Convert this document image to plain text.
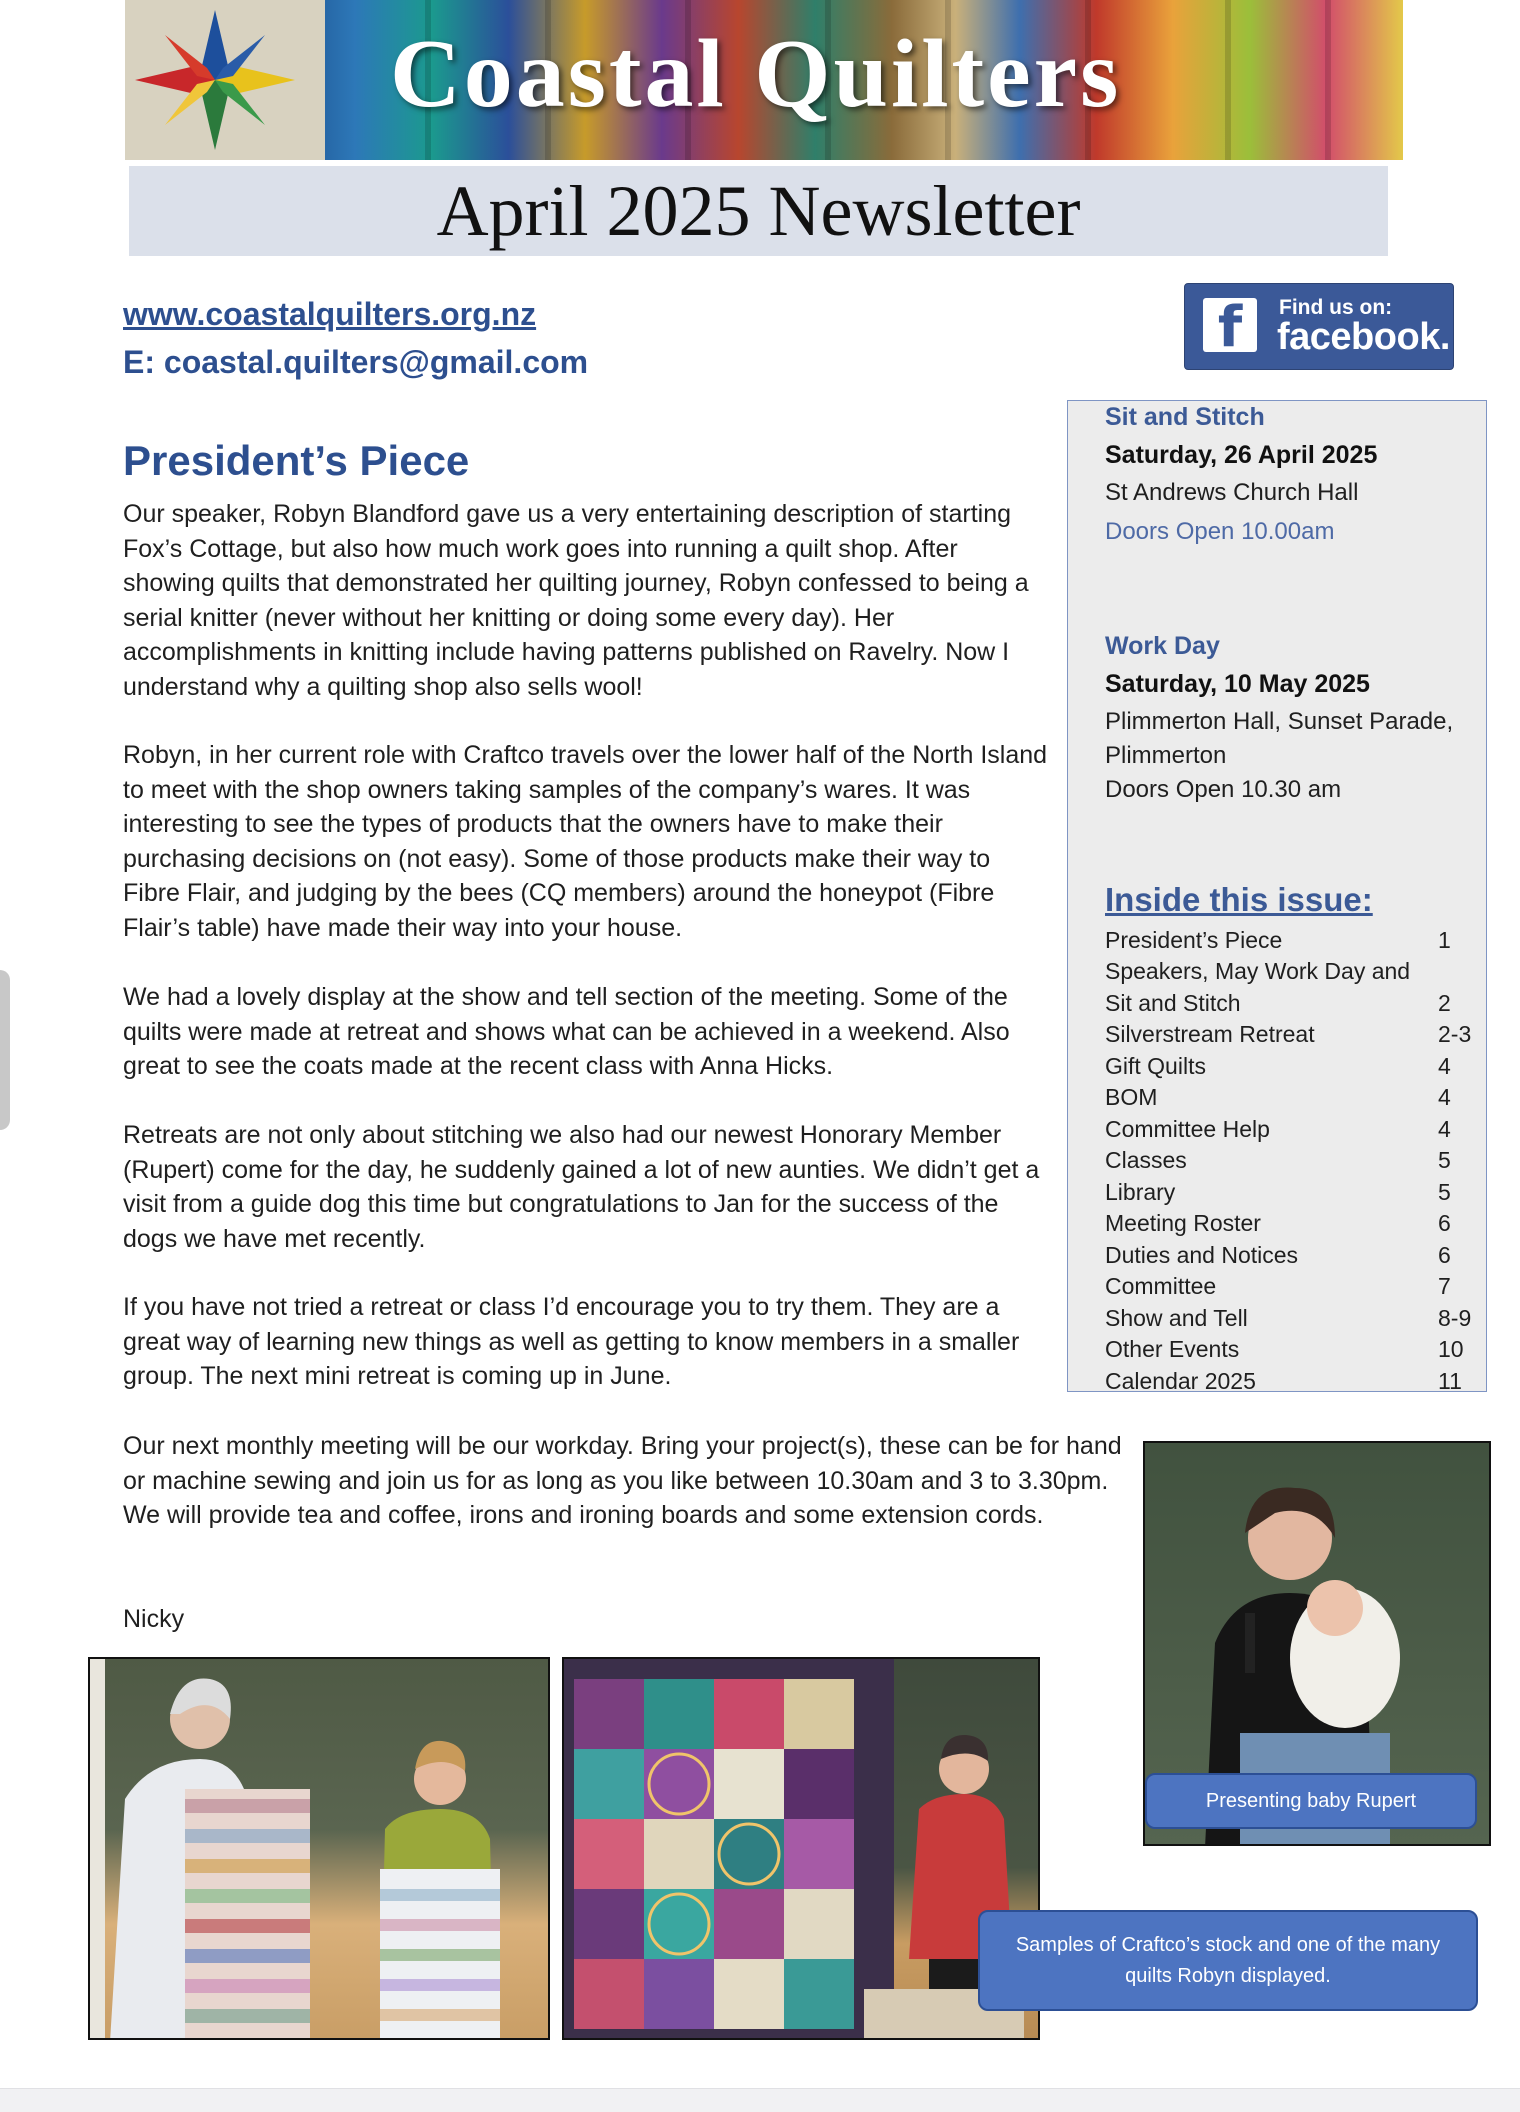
Coastal Quilters
April 2025 Newsletter
www.coastalquilters.org.nz
E: coastal.quilters@gmail.com
f	Find us on:
facebook.
Sit and Stitch
Saturday, 26 April 2025
St Andrews Church Hall
Doors Open 10.00am
Work Day
Saturday, 10 May 2025
Plimmerton Hall, Sunset Parade,
Plimmerton
Doors Open 10.30 am
Inside this issue:
President’s Piece	1
Speakers, May Work Day and
Sit and Stitch	2
Silverstream Retreat	2-3
Gift Quilts	4
BOM	4
Committee Help	4
Classes	5
Library	5
Meeting Roster	6
Duties and Notices	6
Committee	7
Show and Tell	8-9
Other Events	10
Calendar 2025	11
President’s Piece

Our speaker, Robyn Blandford gave us a very entertaining description of starting Fox’s Cottage, but also how much work goes into running a quilt shop. After showing quilts that demonstrated her quilting journey, Robyn confessed to being a serial knitter (never without her knitting or doing some every day). Her accomplishments in knitting include having patterns published on Ravelry. Now I understand why a quilting shop also sells wool!

Robyn, in her current role with Craftco travels over the lower half of the North Island to meet with the shop owners taking samples of the company’s wares. It was interesting to see the types of products that the owners have to make their purchasing decisions on (not easy). Some of those products make their way to Fibre Flair, and judging by the bees (CQ members) around the honeypot (Fibre Flair’s table) have made their way into your house.

We had a lovely display at the show and tell section of the meeting. Some of the quilts were made at retreat and shows what can be achieved in a weekend. Also great to see the coats made at the recent class with Anna Hicks.

Retreats are not only about stitching we also had our newest Honorary Member (Rupert) come for the day, he suddenly gained a lot of new aunties. We didn’t get a visit from a guide dog this time but congratulations to Jan for the success of the dogs we have met recently.

If you have not tried a retreat or class I’d encourage you to try them. They are a great way of learning new things as well as getting to know members in a smaller group. The next mini retreat is coming up in June.

Our next monthly meeting will be our workday. Bring your project(s), these can be for hand or machine sewing and join us for as long as you like between 10.30am and 3 to 3.30pm. We will provide tea and coffee, irons and ironing boards and some extension cords.

Nicky
Presenting baby Rupert
Samples of Craftco’s stock and one of the many quilts Robyn displayed.
